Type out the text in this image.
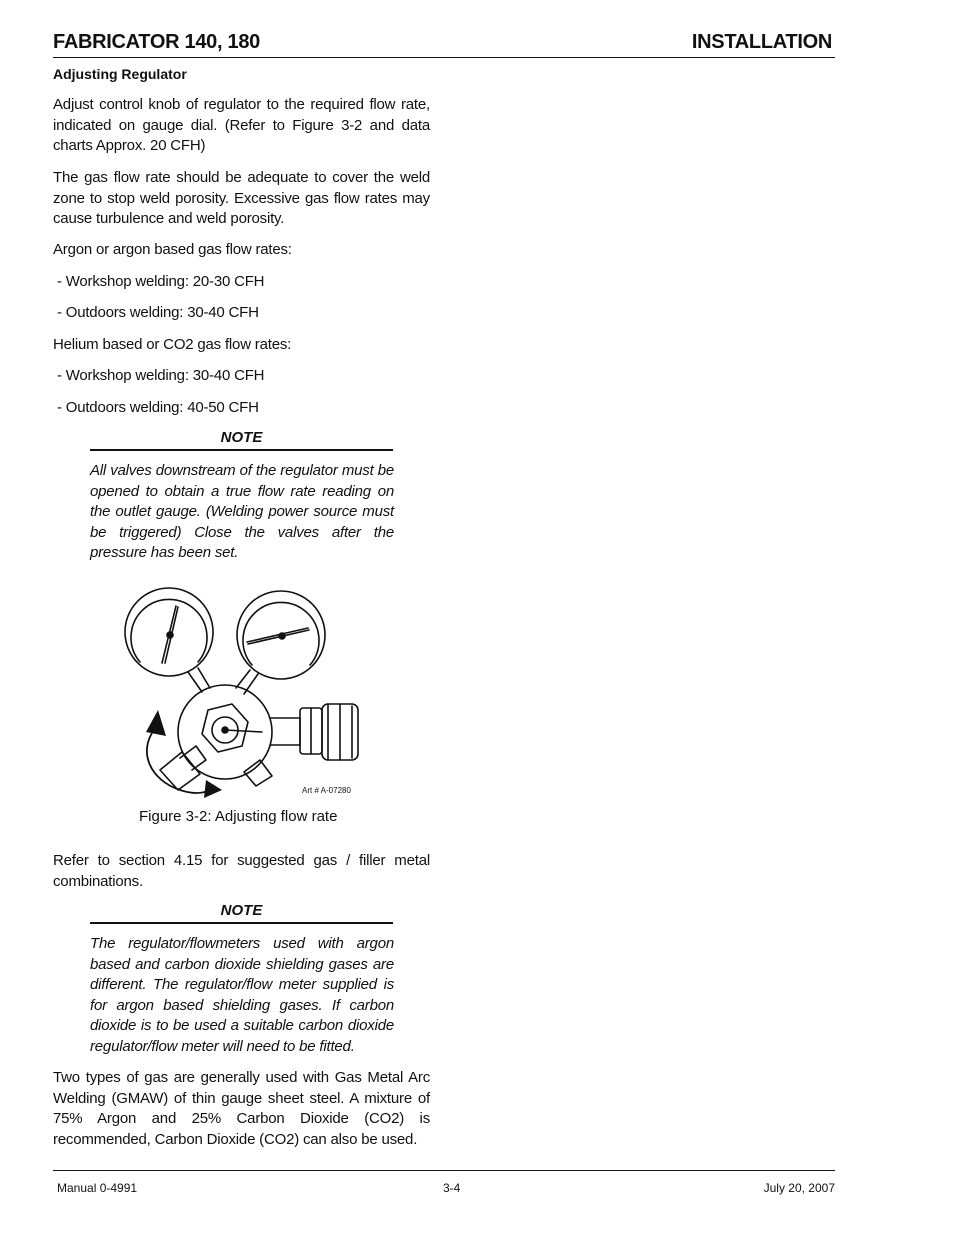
FABRICATOR 140, 180	INSTALLATION
Adjusting Regulator
Adjust control knob of regulator to the required flow rate, indicated on gauge dial. (Refer to Figure 3-2 and data charts Approx. 20 CFH)
The gas flow rate should be adequate to cover the weld zone to stop weld porosity. Excessive gas flow rates may cause turbulence and weld porosity.
Argon or argon based gas flow rates:
- Workshop welding: 20-30 CFH
- Outdoors welding: 30-40 CFH
Helium based or CO2 gas flow rates:
- Workshop welding: 30-40 CFH
- Outdoors welding: 40-50 CFH
NOTE
All valves downstream of the regulator must be opened to obtain a true flow rate reading on the outlet gauge. (Welding power source must be triggered) Close the valves after the pressure has been set.
Art # A-07280
Figure 3-2: Adjusting flow rate
Refer to section 4.15 for suggested gas / filler metal combinations.
NOTE
The regulator/flowmeters used with argon based and carbon dioxide shielding gases are different. The regulator/flow meter supplied is for argon based shielding gases. If carbon dioxide is to be used a suitable carbon dioxide regulator/flow meter will need to be fitted.
Two types of gas are generally used with Gas Metal Arc Welding (GMAW) of thin gauge sheet steel. A mixture of 75% Argon and 25% Carbon Dioxide (CO2) is recommended, Carbon Dioxide (CO2) can also be used.
Manual 0-4991	3-4	July 20, 2007
